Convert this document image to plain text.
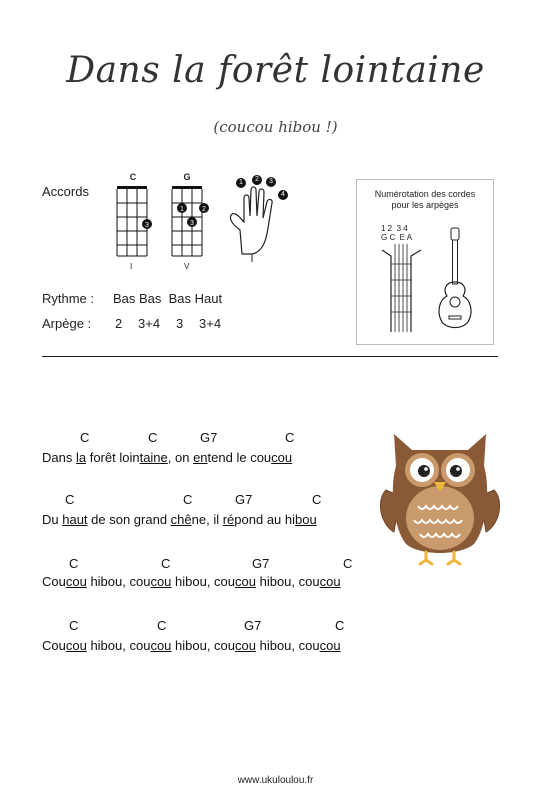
Dans la forêt lointaine
(coucou hibou !)
Accords
C
3
I
G
1	2
3
V
1	2	3
4	Numérotation des cordes
pour les arpèges
1 2  3 4
G C  E A
Rythme : Bas Bas  Bas Haut
Arpège : 2 3+4 3 3+4
C	C	G7	C
Dans la forêt lointaine, on entend le coucou
C	C	G7	C
Du haut de son grand chêne, il répond au hibou
C	C	G7	C
Coucou hibou, coucou hibou, coucou hibou, coucou
C	C	G7	C
Coucou hibou, coucou hibou, coucou hibou, coucou
www.ukuloulou.fr
